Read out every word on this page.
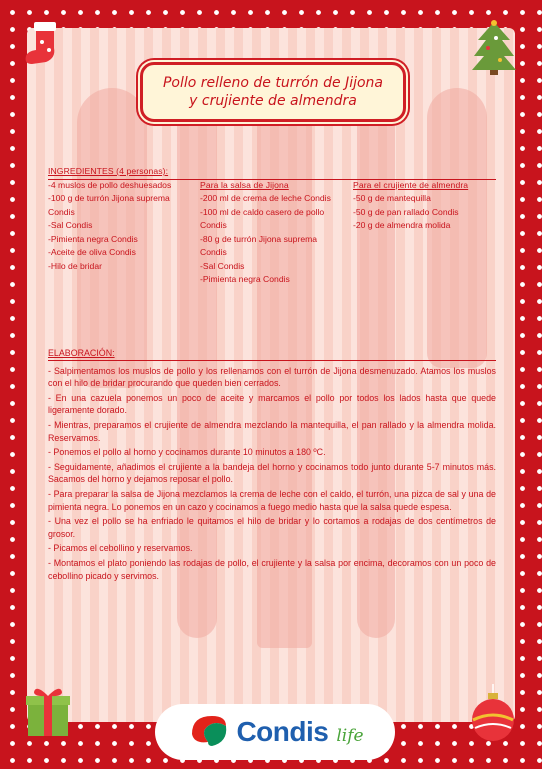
Pollo relleno de turrón de Jijona
y crujiente de almendra
INGREDIENTES (4 personas):
-4 muslos de pollo deshuesados
-100 g de turrón Jijona suprema Condis
-Sal Condis
-Pimienta negra Condis
-Aceite de oliva Condis
-Hilo de bridar
Para la salsa de Jijona
-200 ml de crema de leche Condis
-100 ml de caldo casero de pollo Condis
-80 g de turrón Jijona suprema Condis
-Sal Condis
-Pimienta negra Condis
Para el crujiente de almendra
-50 g de mantequilla
-50 g de pan rallado Condis
-20 g de almendra molida
ELABORACIÓN:
- Salpimentamos los muslos de pollo y los rellenamos con el turrón de Jijona desmenuzado. Atamos los muslos con el hilo de bridar procurando que queden bien cerrados.
- En una cazuela ponemos un poco de aceite y marcamos el pollo por todos los lados hasta que quede ligeramente dorado.
- Mientras, preparamos el crujiente de almendra mezclando la mantequilla, el pan rallado y la almendra molida. Reservamos.
- Ponemos el pollo al horno y cocinamos durante 10 minutos a 180 ºC.
- Seguidamente, añadimos el crujiente a la bandeja del horno y cocinamos todo junto durante 5-7 minutos más. Sacamos del horno y dejamos reposar el pollo.
- Para preparar la salsa de Jijona mezclamos la crema de leche con el caldo, el turrón, una pizca de sal y una de pimienta negra. Lo ponemos en un cazo y cocinamos a fuego medio hasta que la salsa quede espesa.
- Una vez el pollo se ha enfriado le quitamos el hilo de bridar y lo cortamos a rodajas de dos centímetros de grosor.
- Picamos el cebollino y reservamos.
- Montamos el plato poniendo las rodajas de pollo, el crujiente y la salsa por encima, decoramos con un poco de cebollino picado y servimos.
Condis life
